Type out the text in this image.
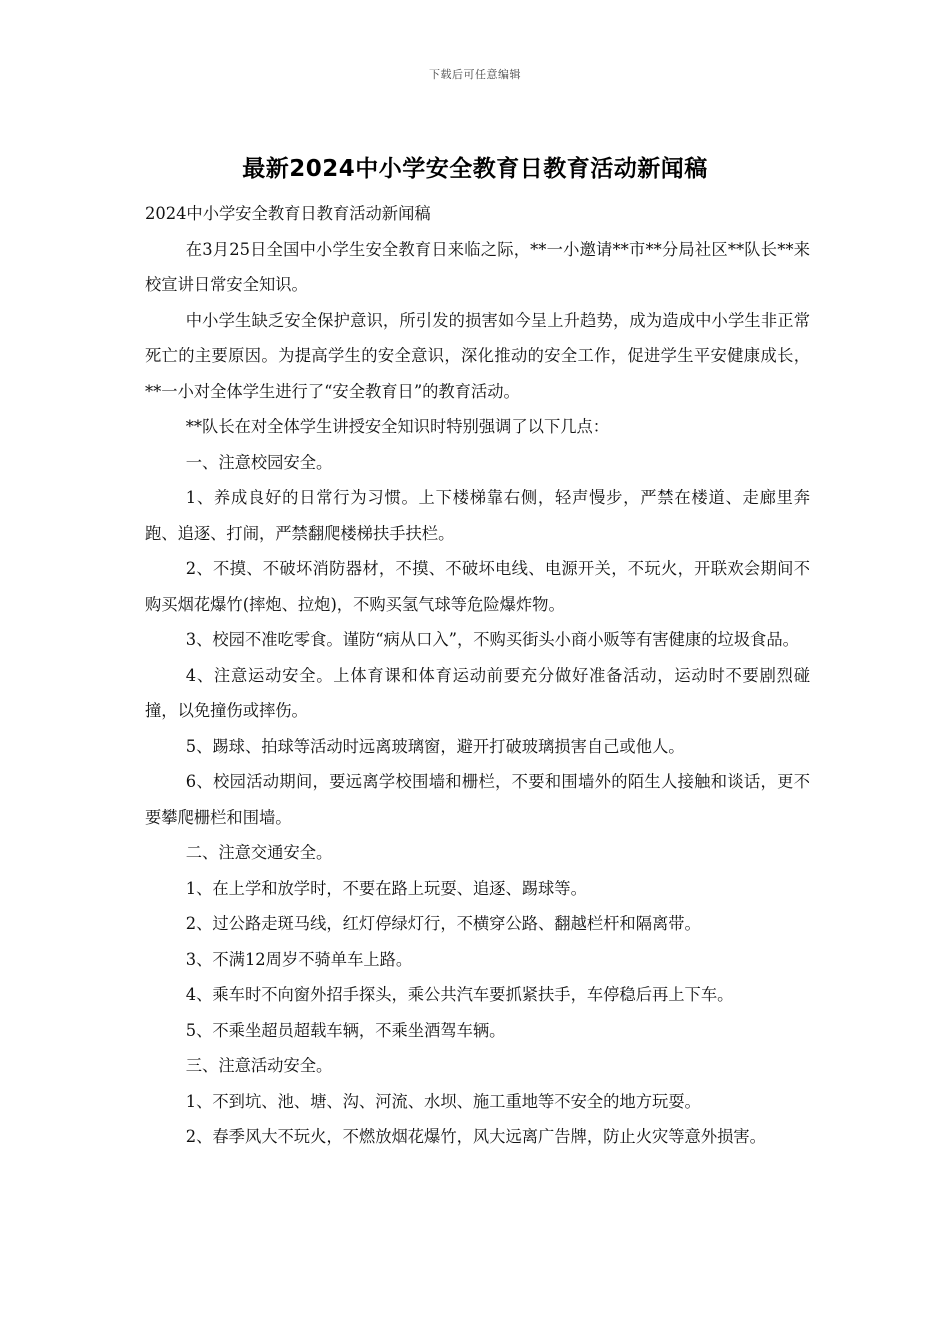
下载后可任意编辑
最新2024中小学安全教育日教育活动新闻稿

2024中小学安全教育日教育活动新闻稿

在3月25日全国中小学生安全教育日来临之际，**一小邀请**市**分局社区**队长**来校宣讲日常安全知识。

中小学生缺乏安全保护意识，所引发的损害如今呈上升趋势，成为造成中小学生非正常死亡的主要原因。为提高学生的安全意识，深化推动的安全工作，促进学生平安健康成长，**一小对全体学生进行了“安全教育日”的教育活动。

**队长在对全体学生讲授安全知识时特别强调了以下几点：

一、注意校园安全。

1、养成良好的日常行为习惯。上下楼梯靠右侧，轻声慢步，严禁在楼道、走廊里奔跑、追逐、打闹，严禁翻爬楼梯扶手扶栏。

2、不摸、不破坏消防器材，不摸、不破坏电线、电源开关，不玩火，开联欢会期间不购买烟花爆竹(摔炮、拉炮)，不购买氢气球等危险爆炸物。

3、校园不准吃零食。谨防“病从口入”，不购买街头小商小贩等有害健康的垃圾食品。

4、注意运动安全。上体育课和体育运动前要充分做好准备活动，运动时不要剧烈碰撞，以免撞伤或摔伤。

5、踢球、拍球等活动时远离玻璃窗，避开打破玻璃损害自己或他人。

6、校园活动期间，要远离学校围墙和栅栏，不要和围墙外的陌生人接触和谈话，更不要攀爬栅栏和围墙。

二、注意交通安全。

1、在上学和放学时，不要在路上玩耍、追逐、踢球等。

2、过公路走斑马线，红灯停绿灯行，不横穿公路、翻越栏杆和隔离带。

3、不满12周岁不骑单车上路。

4、乘车时不向窗外招手探头，乘公共汽车要抓紧扶手，车停稳后再上下车。

5、不乘坐超员超载车辆，不乘坐酒驾车辆。

三、注意活动安全。

1、不到坑、池、塘、沟、河流、水坝、施工重地等不安全的地方玩耍。

2、春季风大不玩火，不燃放烟花爆竹，风大远离广告牌，防止火灾等意外损害。
